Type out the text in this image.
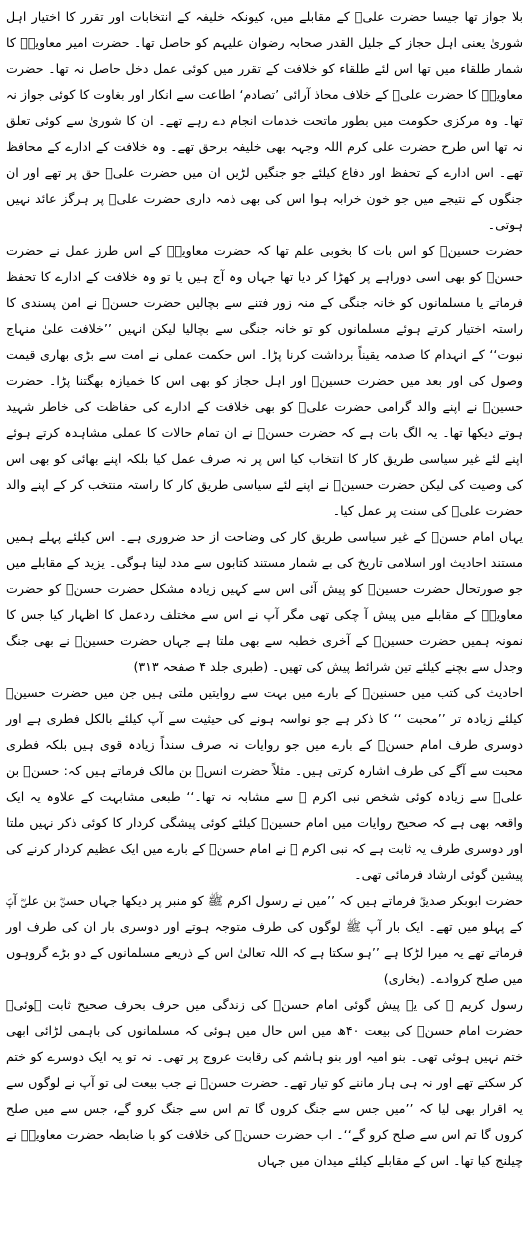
بلا جواز تھا جیسا حضرت علیؓ کے مقابلے میں، کیونکہ خلیفہ کے انتخابات اور تقرر کا اختیار اہل شوریٰ یعنی اہل حجاز کے جلیل القدر صحابہ رضوان علیہم کو حاصل تھا۔ حضرت امیر معاویہؓ کا شمار طلقاء میں تھا اس لئے طلقاء کو خلافت کے تقرر میں کوئی عمل دخل حاصل نہ تھا۔ حضرت معاویہؓ کا حضرت علیؓ کے خلاف محاذ آرائی ’تصادم‘ اطاعت سے انکار اور بغاوت کا کوئی جواز نہ تھا۔ وہ مرکزی حکومت میں بطور ماتحت خدمات انجام دے رہے تھے۔ ان کا شوریٰ سے کوئی تعلق نہ تھا اس طرح حضرت علی کرم اللہ وجہہ بھی خلیفہ برحق تھے۔ وہ خلافت کے ادارے کے محافظ تھے۔ اس ادارے کے تحفظ اور دفاع کیلئے جو جنگیں لڑیں ان میں حضرت علیؓ حق پر تھے اور ان جنگوں کے نتیجے میں جو خون خرابہ ہوا اس کی بھی ذمہ داری حضرت علیؓ پر ہرگز عائد نہیں ہوتی۔

حضرت حسینؓ کو اس بات کا بخوبی علم تھا کہ حضرت معاویہؓ کے اس طرز عمل نے حضرت حسنؓ کو بھی اسی دوراہے پر کھڑا کر دیا تھا جہاں وہ آج ہیں یا تو وہ خلافت کے ادارے کا تحفظ فرماتے یا مسلمانوں کو خانہ جنگی کے منہ زور فتنے سے بچالیں حضرت حسنؓ نے امن پسندی کا راستہ اختیار کرتے ہوئے مسلمانوں کو تو خانہ جنگی سے بچالیا لیکن انہیں ’’خلافت علیٰ منہاج نبوت‘‘ کے انہدام کا صدمہ یقیناً برداشت کرنا پڑا۔ اس حکمت عملی نے امت سے بڑی بھاری قیمت وصول کی اور بعد میں حضرت حسینؓ اور اہل حجاز کو بھی اس کا خمیازہ بھگتنا پڑا۔ حضرت حسینؓ نے اپنے والد گرامی حضرت علیؓ کو بھی خلافت کے ادارے کی حفاظت کی خاطر شہید ہوتے دیکھا تھا۔ یہ الگ بات ہے کہ حضرت حسنؓ نے ان تمام حالات کا عملی مشاہدہ کرتے ہوئے اپنے لئے غیر سیاسی طریق کار کا انتخاب کیا اس پر نہ صرف عمل کیا بلکہ اپنے بھائی کو بھی اس کی وصیت کی لیکن حضرت حسینؓ نے اپنے لئے سیاسی طریق کار کا راستہ منتخب کر کے اپنے والد حضرت علیؓ کی سنت پر عمل کیا۔

یہاں امام حسنؓ کے غیر سیاسی طریق کار کی وضاحت از حد ضروری ہے۔ اس کیلئے پہلے ہمیں مستند احادیث اور اسلامی تاریخ کی بے شمار مستند کتابوں سے مدد لینا ہوگی۔ یزید کے مقابلے میں جو صورتحال حضرت حسینؓ کو پیش آئی اس سے کہیں زیادہ مشکل حضرت حسنؓ کو حضرت معاویہؓ کے مقابلے میں پیش آ چکی تھی مگر آپ نے اس سے مختلف ردعمل کا اظہار کیا جس کا نمونہ ہمیں حضرت حسینؓ کے آخری خطبہ سے بھی ملتا ہے جہاں حضرت حسینؓ نے بھی جنگ وجدل سے بچنے کیلئے تین شرائط پیش کی تھیں۔ (طبری جلد ۴ صفحہ ۳۱۳)

احادیث کی کتب میں حسنینؓ کے بارے میں بہت سے روایتیں ملتی ہیں جن میں حضرت حسینؓ کیلئے زیادہ تر ’’محبت ‘‘ کا ذکر ہے جو نواسہ ہونے کی حیثیت سے آپ کیلئے بالکل فطری ہے اور دوسری طرف امام حسنؓ کے بارے میں جو روایات نہ صرف سنداً زیادہ قوی ہیں بلکہ فطری محبت سے آگے کی طرف اشارہ کرتی ہیں۔ مثلاً حضرت انسؓ بن مالک فرماتے ہیں کہ: حسنؓ بن علیؓ سے زیادہ کوئی شخص نبی اکرم ﷺ سے مشابہ نہ تھا۔‘‘ طبعی مشابہت کے علاوہ یہ ایک واقعہ بھی ہے کہ صحیح روایات میں امام حسینؓ کیلئے کوئی پیشگی کردار کا کوئی ذکر نہیں ملتا اور دوسری طرف یہ ثابت ہے کہ نبی اکرم ﷺ نے امام حسنؓ کے بارے میں ایک عظیم کردار کرنے کی پیشین گوئی ارشاد فرمائی تھی۔

حضرت ابوبکر صدیقؓ فرماتے ہیں کہ ’’میں نے رسول اکرم ﷺ کو منبر پر دیکھا جہاں حسنؓ بن علیؓ آپؐ کے پہلو میں تھے۔ ایک بار آپ ﷺ لوگوں کی طرف متوجہ ہوتے اور دوسری بار ان کی طرف اور فرماتے تھے یہ میرا لڑکا ہے ’’ہو سکتا ہے کہ اللہ تعالیٰ اس کے ذریعے مسلمانوں کے دو بڑے گروہوں میں صلح کروادے۔ (بخاری)

رسول کریم ﷺ کی یہ پیش گوئی امام حسنؓ کی زندگی میں حرف بحرف صحیح ثابت ہوئی۔ حضرت امام حسنؓ کی بیعت ۴۰ھ میں اس حال میں ہوئی کہ مسلمانوں کی باہمی لڑائی ابھی ختم نہیں ہوئی تھی۔ بنو امیہ اور بنو ہاشم کی رقابت عروج پر تھی۔ نہ تو یہ ایک دوسرے کو ختم کر سکتے تھے اور نہ ہی ہار ماننے کو تیار تھے۔ حضرت حسنؓ نے جب بیعت لی تو آپ نے لوگوں سے یہ اقرار بھی لیا کہ ’’میں جس سے جنگ کروں گا تم اس سے جنگ کرو گے، جس سے میں صلح کروں گا تم اس سے صلح کرو گے‘‘۔ اب حضرت حسنؓ کی خلافت کو با ضابطہ حضرت معاویہؓ نے چیلنج کیا تھا۔ اس کے مقابلے کیلئے میدان میں جہاں
